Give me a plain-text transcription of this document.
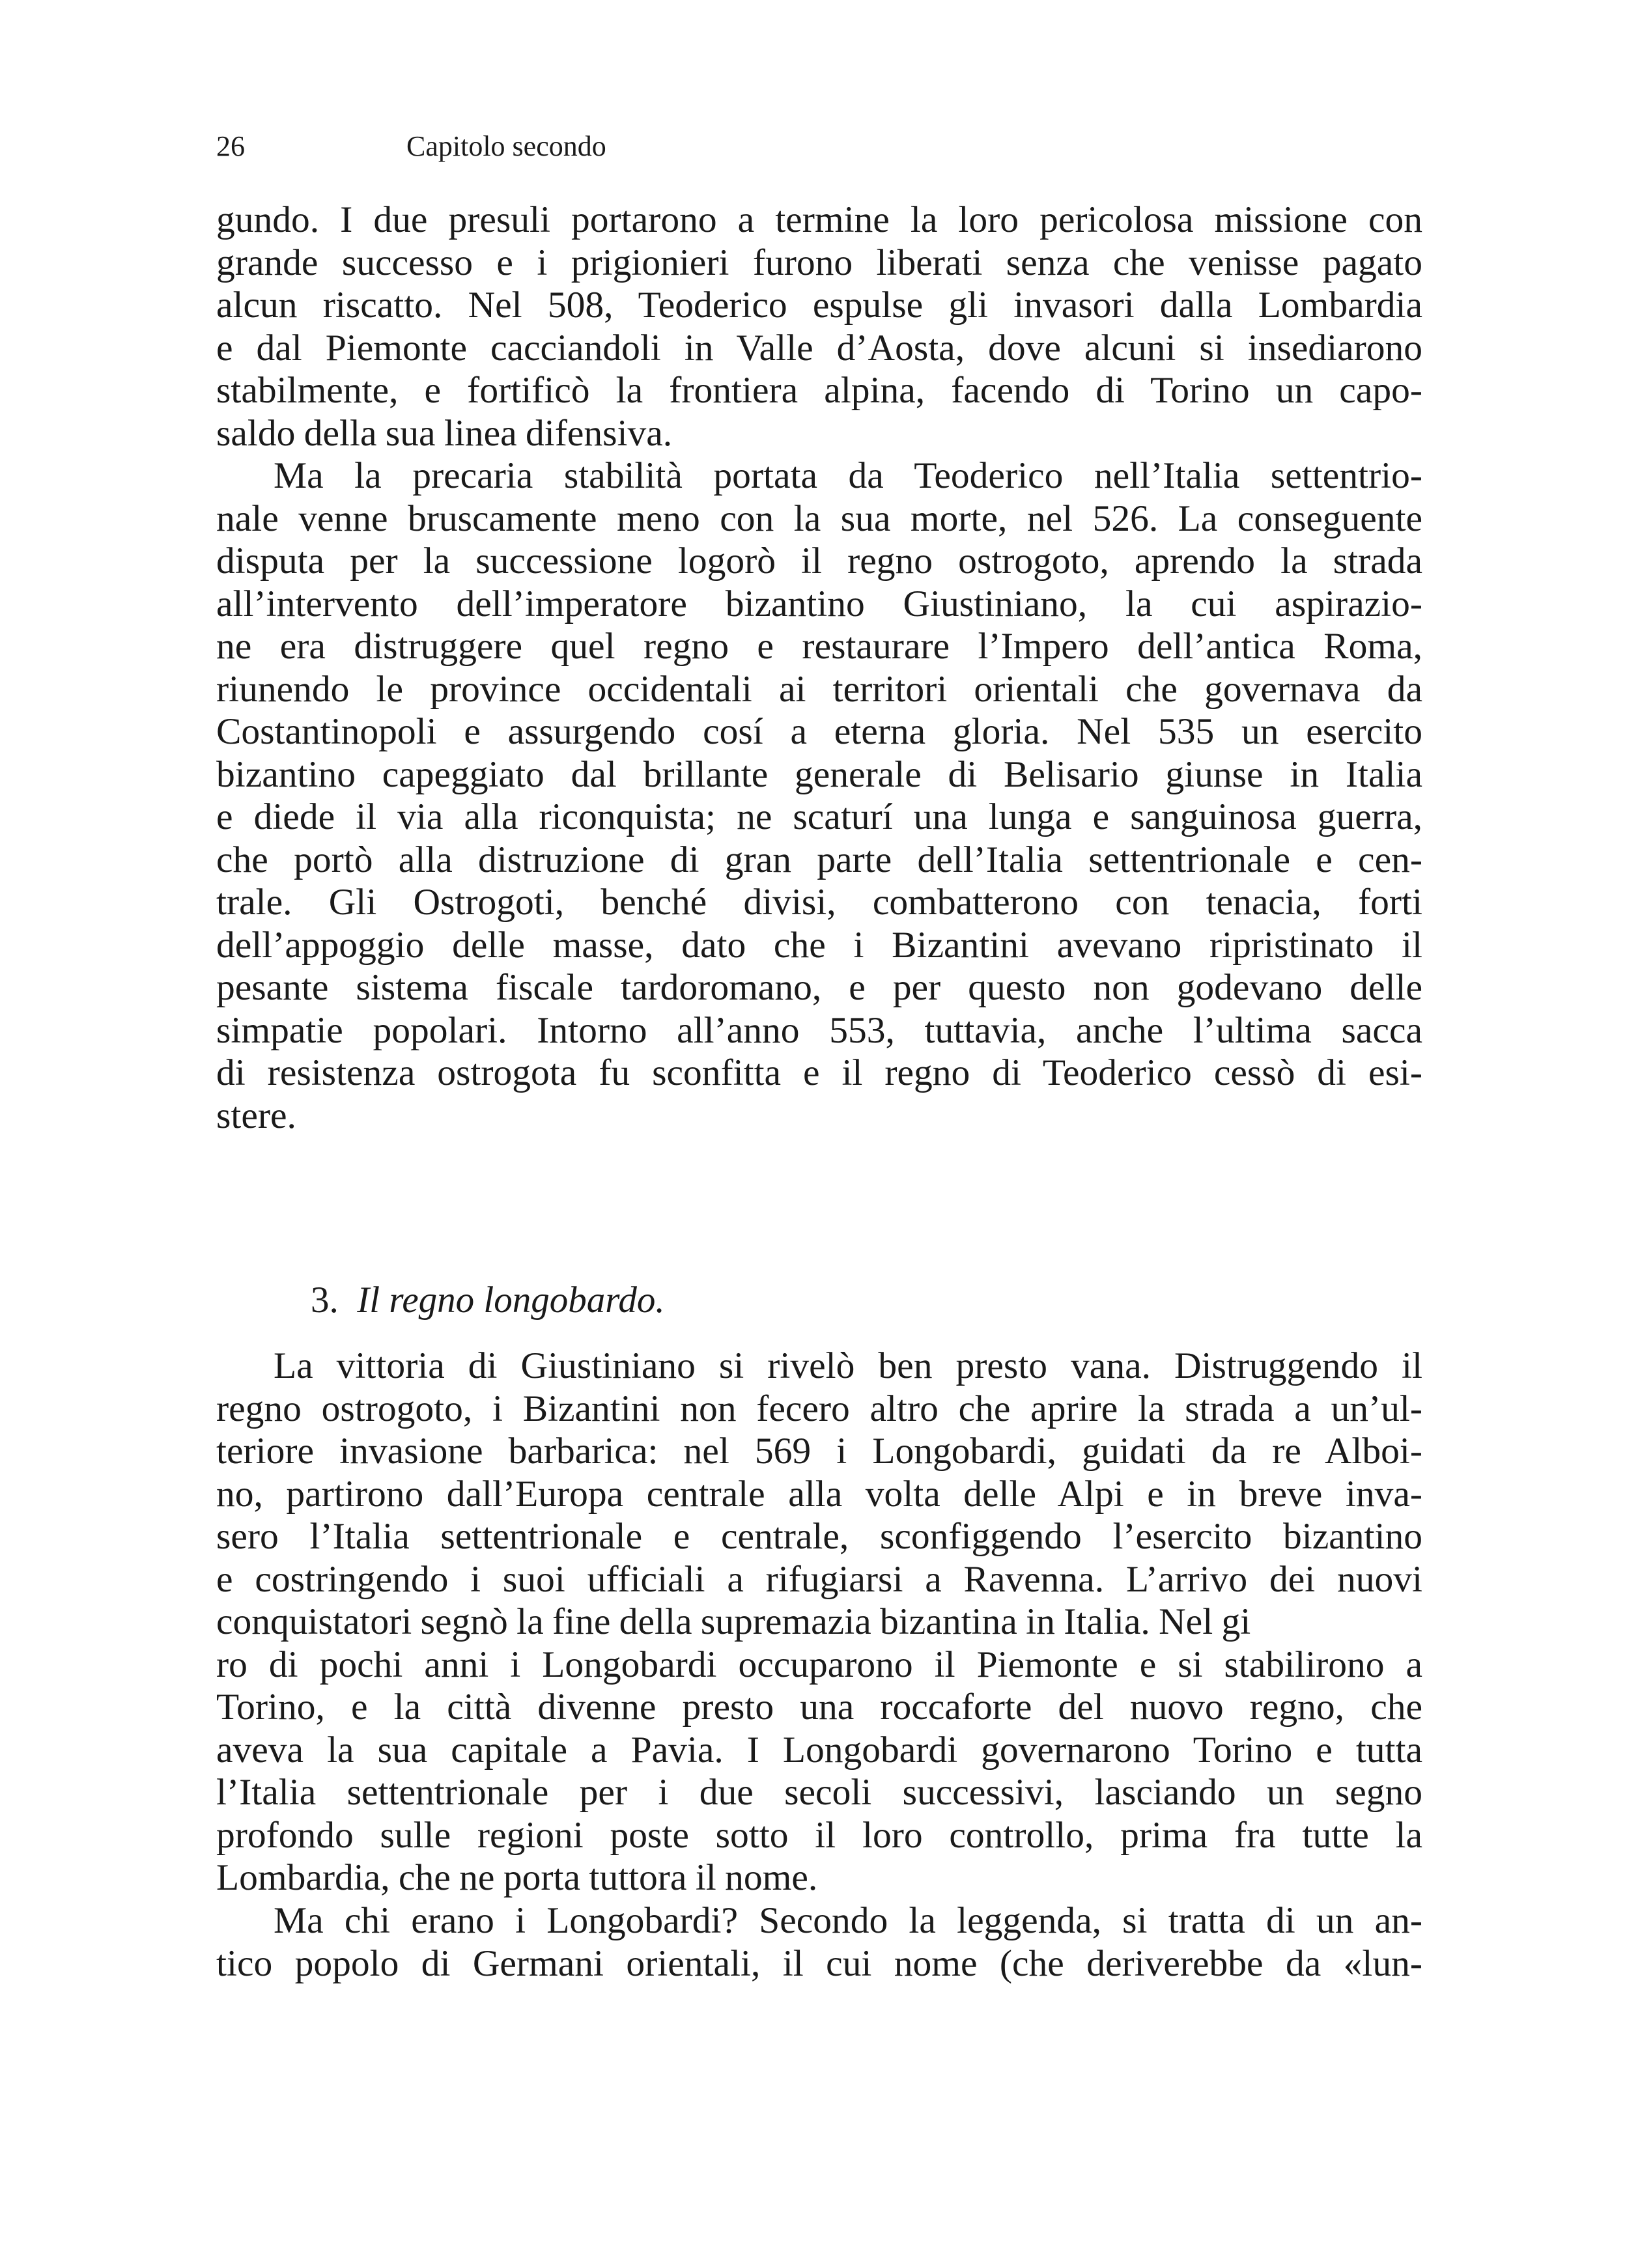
26	Capitolo secondo
gundo. I due presuli portarono a termine la loro pericolosa missione con
grande successo e i prigionieri furono liberati senza che venisse pagato
alcun riscatto. Nel 508, Teoderico espulse gli invasori dalla Lombardia
e dal Piemonte cacciandoli in Valle d’Aosta, dove alcuni si insediarono
stabilmente, e fortificò la frontiera alpina, facendo di Torino un capo-
saldo della sua linea difensiva.
Ma la precaria stabilità portata da Teoderico nell’Italia settentrio-
nale venne bruscamente meno con la sua morte, nel 526. La conseguente
disputa per la successione logorò il regno ostrogoto, aprendo la strada
all’intervento dell’imperatore bizantino Giustiniano, la cui aspirazio-
ne era distruggere quel regno e restaurare l’Impero dell’antica Roma,
riunendo le province occidentali ai territori orientali che governava da
Costantinopoli e assurgendo cosí a eterna gloria. Nel 535 un esercito
bizantino capeggiato dal brillante generale di Belisario giunse in Italia
e diede il via alla riconquista; ne scaturí una lunga e sanguinosa guerra,
che portò alla distruzione di gran parte dell’Italia settentrionale e cen-
trale. Gli Ostrogoti, benché divisi, combatterono con tenacia, forti
dell’appoggio delle masse, dato che i Bizantini avevano ripristinato il
pesante sistema fiscale tardoromano, e per questo non godevano delle
simpatie popolari. Intorno all’anno 553, tuttavia, anche l’ultima sacca
di resistenza ostrogota fu sconfitta e il regno di Teoderico cessò di esi-
stere.

3. Il regno longobardo.

La vittoria di Giustiniano si rivelò ben presto vana. Distruggendo il
regno ostrogoto, i Bizantini non fecero altro che aprire la strada a un’ul-
teriore invasione barbarica: nel 569 i Longobardi, guidati da re Alboi-
no, partirono dall’Europa centrale alla volta delle Alpi e in breve inva-
sero l’Italia settentrionale e centrale, sconfiggendo l’esercito bizantino
e costringendo i suoi ufficiali a rifugiarsi a Ravenna. L’arrivo dei nuovi
conquistatori segnò la fine della supremazia bizantina in Italia. Nel gi
ro di pochi anni i Longobardi occuparono il Piemonte e si stabilirono a
Torino, e la città divenne presto una roccaforte del nuovo regno, che
aveva la sua capitale a Pavia. I Longobardi governarono Torino e tutta
l’Italia settentrionale per i due secoli successivi, lasciando un segno
profondo sulle regioni poste sotto il loro controllo, prima fra tutte la
Lombardia, che ne porta tuttora il nome.
Ma chi erano i Longobardi? Secondo la leggenda, si tratta di un an-
tico popolo di Germani orientali, il cui nome (che deriverebbe da «lun-
